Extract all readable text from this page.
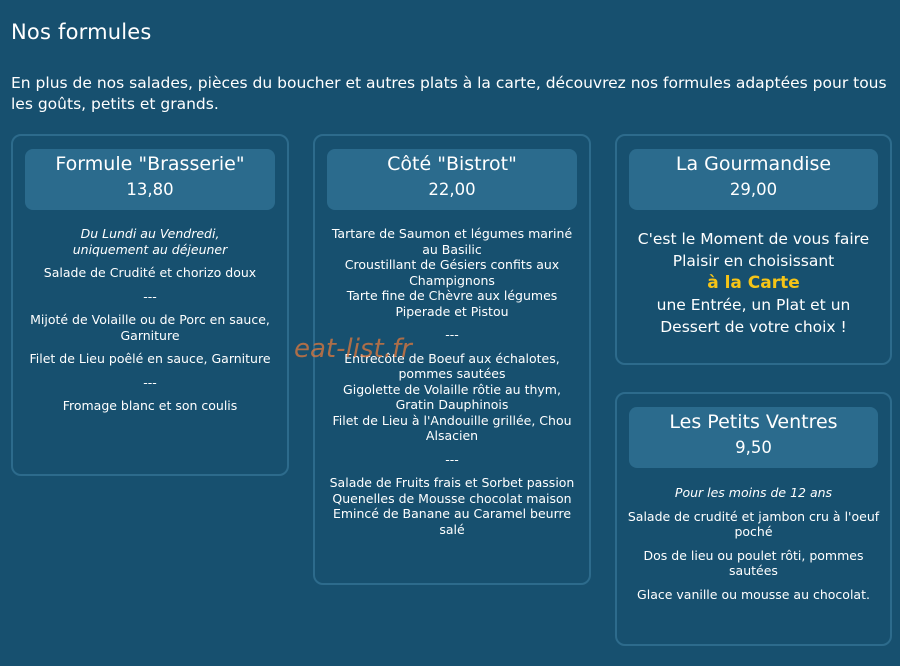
Nos formules
En plus de nos salades, pièces du boucher et autres plats à la carte, découvrez nos formules adaptées pour tous les goûts, petits et grands.
Formule "Brasserie"
13,80
Du Lundi au Vendredi,
uniquement au déjeuner
Salade de Crudité et chorizo doux
---
Mijoté de Volaille ou de Porc en sauce, Garniture
Filet de Lieu poêlé en sauce, Garniture
---
Fromage blanc et son coulis
Côté "Bistrot"
22,00
Tartare de Saumon et légumes mariné au Basilic
Croustillant de Gésiers confits aux Champignons
Tarte fine de Chèvre aux légumes Piperade et Pistou
---
Entrecôte de Boeuf aux échalotes, pommes sautées
Gigolette de Volaille rôtie au thym, Gratin Dauphinois
Filet de Lieu à l'Andouille grillée, Chou Alsacien
---
Salade de Fruits frais et Sorbet passion
Quenelles de Mousse chocolat maison
Emincé de Banane au Caramel beurre salé
La Gourmandise
29,00
C'est le Moment de vous faire
Plaisir en choisissant
à la Carte
une Entrée, un Plat et un
Dessert de votre choix !
Les Petits Ventres
9,50
Pour les moins de 12 ans
Salade de crudité et jambon cru à l'oeuf poché
Dos de lieu ou poulet rôti, pommes sautées
Glace vanille ou mousse au chocolat.
eat-list.fr
